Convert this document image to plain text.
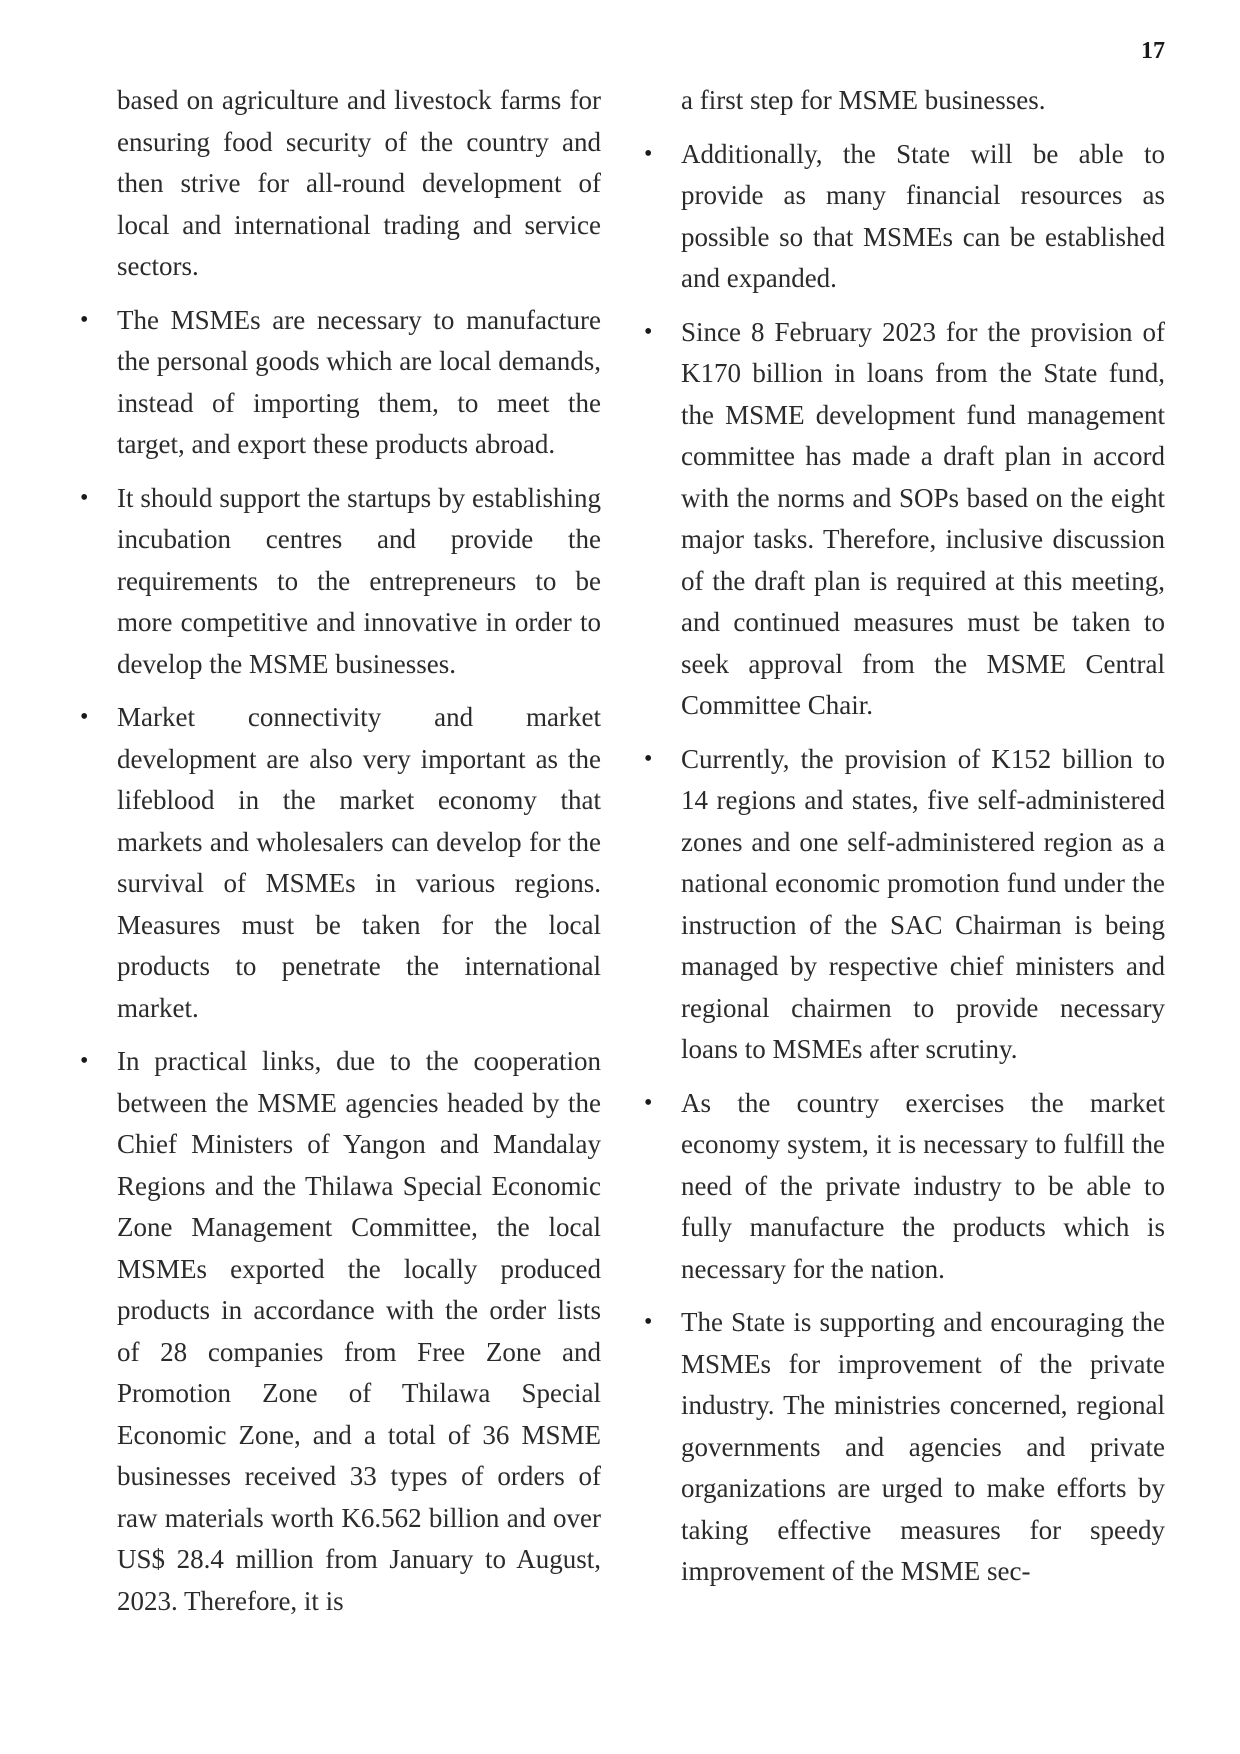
17

based on agriculture and livestock farms for ensuring food security of the country and then strive for all-round development of local and international trading and service sectors.

• The MSMEs are necessary to manufacture the personal goods which are local demands, instead of importing them, to meet the target, and export these products abroad.

• It should support the startups by establishing incubation centres and provide the requirements to the entrepreneurs to be more competitive and innovative in order to develop the MSME businesses.

• Market connectivity and market development are also very important as the lifeblood in the market economy that markets and wholesalers can develop for the survival of MSMEs in various regions. Measures must be taken for the local products to penetrate the international market.

• In practical links, due to the cooperation between the MSME agencies headed by the Chief Ministers of Yangon and Mandalay Regions and the Thilawa Special Economic Zone Management Committee, the local MSMEs exported the locally produced products in accordance with the order lists of 28 companies from Free Zone and Promotion Zone of Thilawa Special Economic Zone, and a total of 36 MSME businesses received 33 types of orders of raw materials worth K6.562 billion and over US$ 28.4 million from January to August, 2023. Therefore, it is

a first step for MSME businesses.

• Additionally, the State will be able to provide as many financial resources as possible so that MSMEs can be established and expanded.

• Since 8 February 2023 for the provision of K170 billion in loans from the State fund, the MSME development fund management committee has made a draft plan in accord with the norms and SOPs based on the eight major tasks. Therefore, inclusive discussion of the draft plan is required at this meeting, and continued measures must be taken to seek approval from the MSME Central Committee Chair.

• Currently, the provision of K152 billion to 14 regions and states, five self-administered zones and one self-administered region as a national economic promotion fund under the instruction of the SAC Chairman is being managed by respective chief ministers and regional chairmen to provide necessary loans to MSMEs after scrutiny.

• As the country exercises the market economy system, it is necessary to fulfill the need of the private industry to be able to fully manufacture the products which is necessary for the nation.

• The State is supporting and encouraging the MSMEs for improvement of the private industry. The ministries concerned, regional governments and agencies and private organizations are urged to make efforts by taking effective measures for speedy improvement of the MSME sec-
